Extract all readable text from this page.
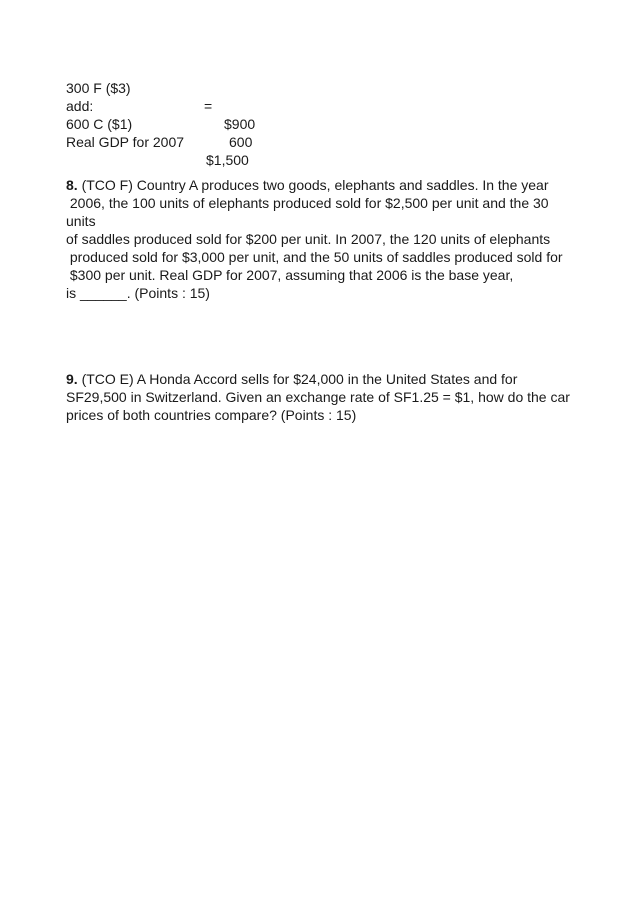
300 F ($3)

=

$900

add:

600 C ($1)

600

Real GDP for 2007

$1,500

8. (TCO F) Country A produces two goods, elephants and saddles. In the year
2006, the 100 units of elephants produced sold for $2,500 per unit and the 30
units
of saddles produced sold for $200 per unit. In 2007, the 120 units of elephants
produced sold for $3,000 per unit, and the 50 units of saddles produced sold for
$300 per unit. Real GDP for 2007, assuming that 2006 is the base year,
is ______. (Points : 15)
9. (TCO E) A Honda Accord sells for $24,000 in the United States and for
SF29,500 in Switzerland. Given an exchange rate of SF1.25 = $1, how do the car
prices of both countries compare? (Points : 15)
